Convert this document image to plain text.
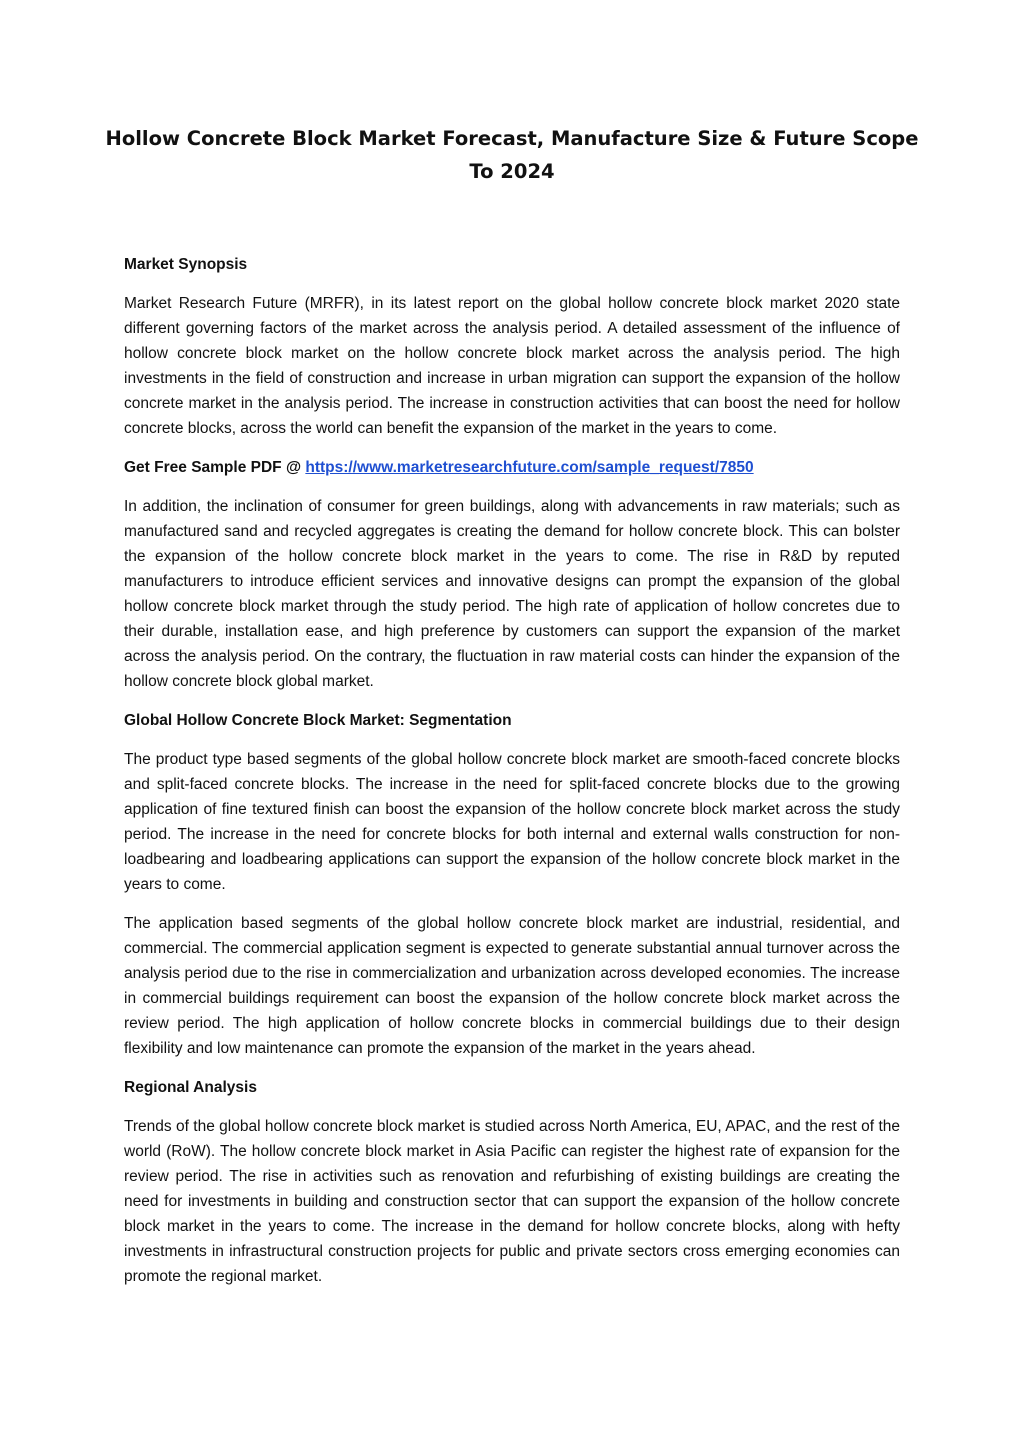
Hollow Concrete Block Market Forecast, Manufacture Size & Future Scope To 2024

Market Synopsis

Market Research Future (MRFR), in its latest report on the global hollow concrete block market 2020 state different governing factors of the market across the analysis period. A detailed assessment of the influence of hollow concrete block market on the hollow concrete block market across the analysis period. The high investments in the field of construction and increase in urban migration can support the expansion of the hollow concrete market in the analysis period. The increase in construction activities that can boost the need for hollow concrete blocks, across the world can benefit the expansion of the market in the years to come.

Get Free Sample PDF @ https://www.marketresearchfuture.com/sample_request/7850

In addition, the inclination of consumer for green buildings, along with advancements in raw materials; such as manufactured sand and recycled aggregates is creating the demand for hollow concrete block. This can bolster the expansion of the hollow concrete block market in the years to come. The rise in R&D by reputed manufacturers to introduce efficient services and innovative designs can prompt the expansion of the global hollow concrete block market through the study period. The high rate of application of hollow concretes due to their durable, installation ease, and high preference by customers can support the expansion of the market across the analysis period. On the contrary, the fluctuation in raw material costs can hinder the expansion of the hollow concrete block global market.

Global Hollow Concrete Block Market: Segmentation

The product type based segments of the global hollow concrete block market are smooth-faced concrete blocks and split-faced concrete blocks. The increase in the need for split-faced concrete blocks due to the growing application of fine textured finish can boost the expansion of the hollow concrete block market across the study period. The increase in the need for concrete blocks for both internal and external walls construction for non-loadbearing and loadbearing applications can support the expansion of the hollow concrete block market in the years to come.

The application based segments of the global hollow concrete block market are industrial, residential, and commercial. The commercial application segment is expected to generate substantial annual turnover across the analysis period due to the rise in commercialization and urbanization across developed economies. The increase in commercial buildings requirement can boost the expansion of the hollow concrete block market across the review period. The high application of hollow concrete blocks in commercial buildings due to their design flexibility and low maintenance can promote the expansion of the market in the years ahead.

Regional Analysis

Trends of the global hollow concrete block market is studied across North America, EU, APAC, and the rest of the world (RoW). The hollow concrete block market in Asia Pacific can register the highest rate of expansion for the review period. The rise in activities such as renovation and refurbishing of existing buildings are creating the need for investments in building and construction sector that can support the expansion of the hollow concrete block market in the years to come. The increase in the demand for hollow concrete blocks, along with hefty investments in infrastructural construction projects for public and private sectors cross emerging economies can promote the regional market.
